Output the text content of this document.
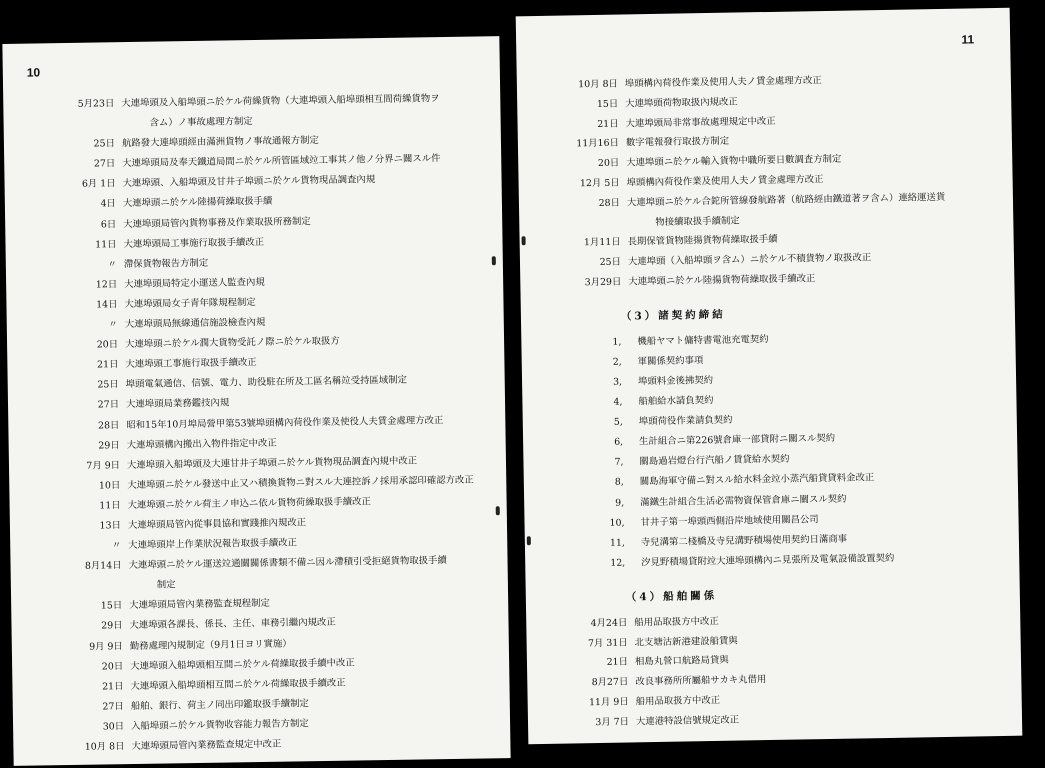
10
5月23日 大連埠頭及入船埠頭ニ於ケル荷繰貨物（大連埠頭入船埠頭相互間荷繰貨物ヲ
含ム）ノ事故處理方制定
25日 航路發大連埠頭經由滿洲貨物ノ事故通報方制定
27日 大連埠頭局及奉天鐵道局間ニ於ケル所管區域竝工事其ノ他ノ分界ニ關スル件
6月 1日 大連埠頭、入船埠頭及甘井子埠頭ニ於ケル貨物現品調査內規
4日 大連埠頭ニ於ケル陸揚荷繰取扱手續
6日 大連埠頭局管內貨物事務及作業取扱所務制定
11日 大連埠頭局工事施行取扱手續改正
〃 滯保貨物報告方制定
12日 大連埠頭局特定小運送人監查內規
14日 大連埠頭局女子青年隊規程制定
〃 大連埠頭局無線通信施設檢查內規
20日 大連埠頭ニ於ケル潤大貨物受託ノ際ニ於ケル取扱方
21日 大連埠頭工事施行取扱手續改正
25日 埠頭電氣通信、信號、電力、助役駐在所及工區名稱竝受持區域制定
27日 大連埠頭局業務鑑技內規
28日 昭和15年10月埠局營甲第53號埠頭構內荷役作業及使役人夫賃金處理方改正
29日 大連埠頭構內搬出入物件指定中改正
7月 9日 大連埠頭入船埠頭及大連甘井子埠頭ニ於ケル貨物現品調査內規中改正
10日 大連埠頭ニ於ケル發送中止又ハ積換貨物ニ對スル大連控訴ノ採用承認印確認方改正
11日 大連埠頭ニ於ケル荷主ノ申込ニ依ル貨物荷繰取扱手續改正
13日 大連埠頭局管內從事員協和實踐推內規改正
〃 大連埠頭岸上作業狀況報告取扱手續改正
8月14日 大連埠頭ニ於ケル運送竝通關關係書類不備ニ因ル滯積引受拒絕貨物取扱手續
制定
15日 大連埠頭局管內業務監査規程制定
29日 大連埠頭各課長、係長、主任、車務引繼內規改正
9月 9日 勤務處理內規制定（9月1日ヨリ實施）
20日 大連埠頭入船埠頭相互間ニ於ケル荷繰取扱手續中改正
21日 大連埠頭入船埠頭相互間ニ於ケル荷繰取扱手續改正
27日 船舶、銀行、荷主ノ同出印鑑取扱手續制定
30日 入船埠頭ニ於ケル貨物收容能力報告方制定
10月 8日 大連埠頭局管內業務監查規定中改正
11
10月 8日 埠頭構內荷役作業及使用人夫ノ賃金處理方改正
15日 大連埠頭荷物取扱內規改正
21日 大連埠頭局非常事故處理規定中改正
11月16日 數字電報發行取扱方制定
20日 大連埠頭ニ於ケル輸入貨物中職所要日數調査方制定
12月 5日 埠頭構內荷役作業及使用人夫ノ賃金處理方改正
28日 大連埠頭ニ於ケル合鉈所管線發航路著（航路經由鐵道著ヲ含ム）連絡運送貨
物接續取扱手續制定
1月11日 長期保管貨物陸揚貨物荷繰取扱手續
25日 大連埠頭（入船埠頭ヲ含ム）ニ於ケル不積貨物ノ取扱改正
3月29日 大連埠頭ニ於ケル陸揚貨物荷繰取扱手續改正
（3）諸契約締結
1,	機船ヤマト傭特書電池充電契約
2,	軍關係契約事項
3,	埠頭料金後拂契約
4,	船舶給水請負契約
5,	埠頭荷役作業請負契約
6,	生計組合ニ第226號倉庫一部貸附ニ關スル契約
7,	關島過岩燈台行汽船ノ賃貸給水契約
8,	關島海軍守備ニ對スル給水料金竝小蒸汽船貸貸料金改正
9,	滿鐵生計組合生活必需物資保管倉庫ニ關スル契約
10,	甘井子第一埠頭西側沿岸地域使用關昌公司
11,	寺兒溝第二棧橋及寺兒溝野積場使用契約日滿商事
12,	汐見野積場貸附竝大連埠頭構內ニ見張所及電氣設備設置契約
（4）船舶關係
4月24日 船用品取扱方中改正
7月 31日 北支塘沽新港建設船賃與
21日 相島丸營口航路局貸與
8月27日 改良事務所所屬船サカキ丸借用
11月 9日 船用品取扱方中改正
3月 7日 大連港特設信號規定改正
